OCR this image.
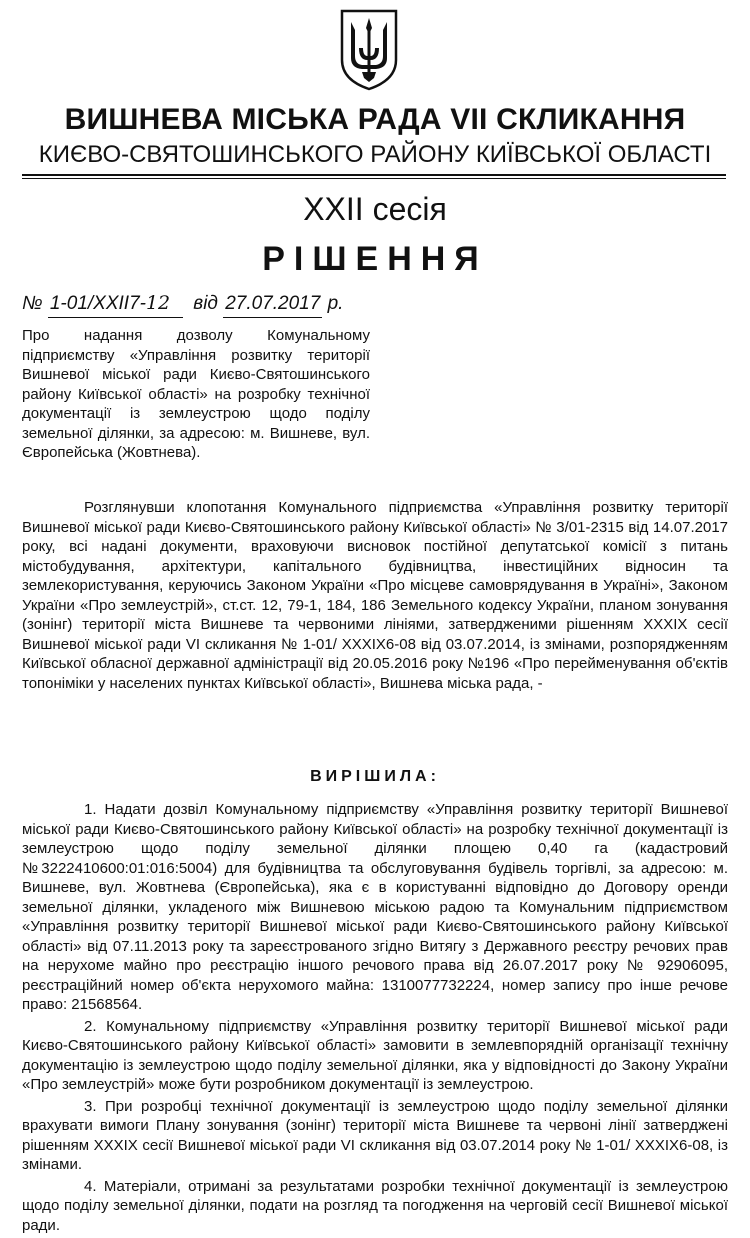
ВИШНЕВА МІСЬКА РАДА VII СКЛИКАННЯ
КИЄВО-СВЯТОШИНСЬКОГО РАЙОНУ КИЇВСЬКОЇ ОБЛАСТІ
ХХІІ сесія
РІШЕННЯ
№ 1-01/ХХІІ7-12 від 27.07.2017 р.
Про надання дозволу Комунальному підприємству «Управління розвитку території Вишневої міської ради Києво-Святошинського району Київської області» на розробку технічної документації із землеустрою щодо поділу земельної ділянки, за адресою: м. Вишневе, вул. Європейська (Жовтнева).

Розглянувши клопотання Комунального підприємства «Управління розвитку території Вишневої міської ради Києво-Святошинського району Київської області» № 3/01-2315 від 14.07.2017 року, всі надані документи, враховуючи висновок постійної депутатської комісії з питань містобудування, архітектури, капітального будівництва, інвестиційних відносин та землекористування, керуючись Законом України «Про місцеве самоврядування в Україні», Законом України «Про землеустрій», ст.ст. 12, 79-1, 184, 186 Земельного кодексу України, планом зонування (зонінг) території міста Вишневе та червоними лініями, затвердженими рішенням ХХХІХ сесії Вишневої міської ради VІ скликання № 1-01/ ХХХІХ6-08 від 03.07.2014, із змінами, розпорядженням Київської обласної державної адміністрації від 20.05.2016 року №196 «Про перейменування об'єктів топоніміки у населених пунктах Київської області», Вишнева міська рада, -

ВИРІШИЛА:

1. Надати дозвіл Комунальному підприємству «Управління розвитку території Вишневої міської ради Києво-Святошинського району Київської області» на розробку технічної документації із землеустрою щодо поділу земельної ділянки площею 0,40 га (кадастровий №3222410600:01:016:5004) для будівництва та обслуговування будівель торгівлі, за адресою: м. Вишневе, вул. Жовтнева (Європейська), яка є в користуванні відповідно до Договору оренди земельної ділянки, укладеного між Вишневою міською радою та Комунальним підприємством «Управління розвитку території Вишневої міської ради Києво-Святошинського району Київської області» від 07.11.2013 року та зареєстрованого згідно Витягу з Державного реєстру речових прав на нерухоме майно про реєстрацію іншого речового права від 26.07.2017 року № 92906095, реєстраційний номер об'єкта нерухомого майна: 1310077732224, номер запису про інше речове право: 21568564.

2. Комунальному підприємству «Управління розвитку території Вишневої міської ради Києво-Святошинського району Київської області» замовити в землевпорядній організації технічну документацію із землеустрою щодо поділу земельної ділянки, яка у відповідності до Закону України «Про землеустрій» може бути розробником документації із землеустрою.

3. При розробці технічної документації із землеустрою щодо поділу земельної ділянки врахувати вимоги Плану зонування (зонінг) території міста Вишневе та червоні лінії затверджені рішенням ХХХІХ сесії Вишневої міської ради VІ скликання від 03.07.2014 року № 1-01/ ХХХІХ6-08, із змінами.

4. Матеріали, отримані за результатами розробки технічної документації із землеустрою щодо поділу земельної ділянки, подати на розгляд та погодження на черговій сесії Вишневої міської ради.
